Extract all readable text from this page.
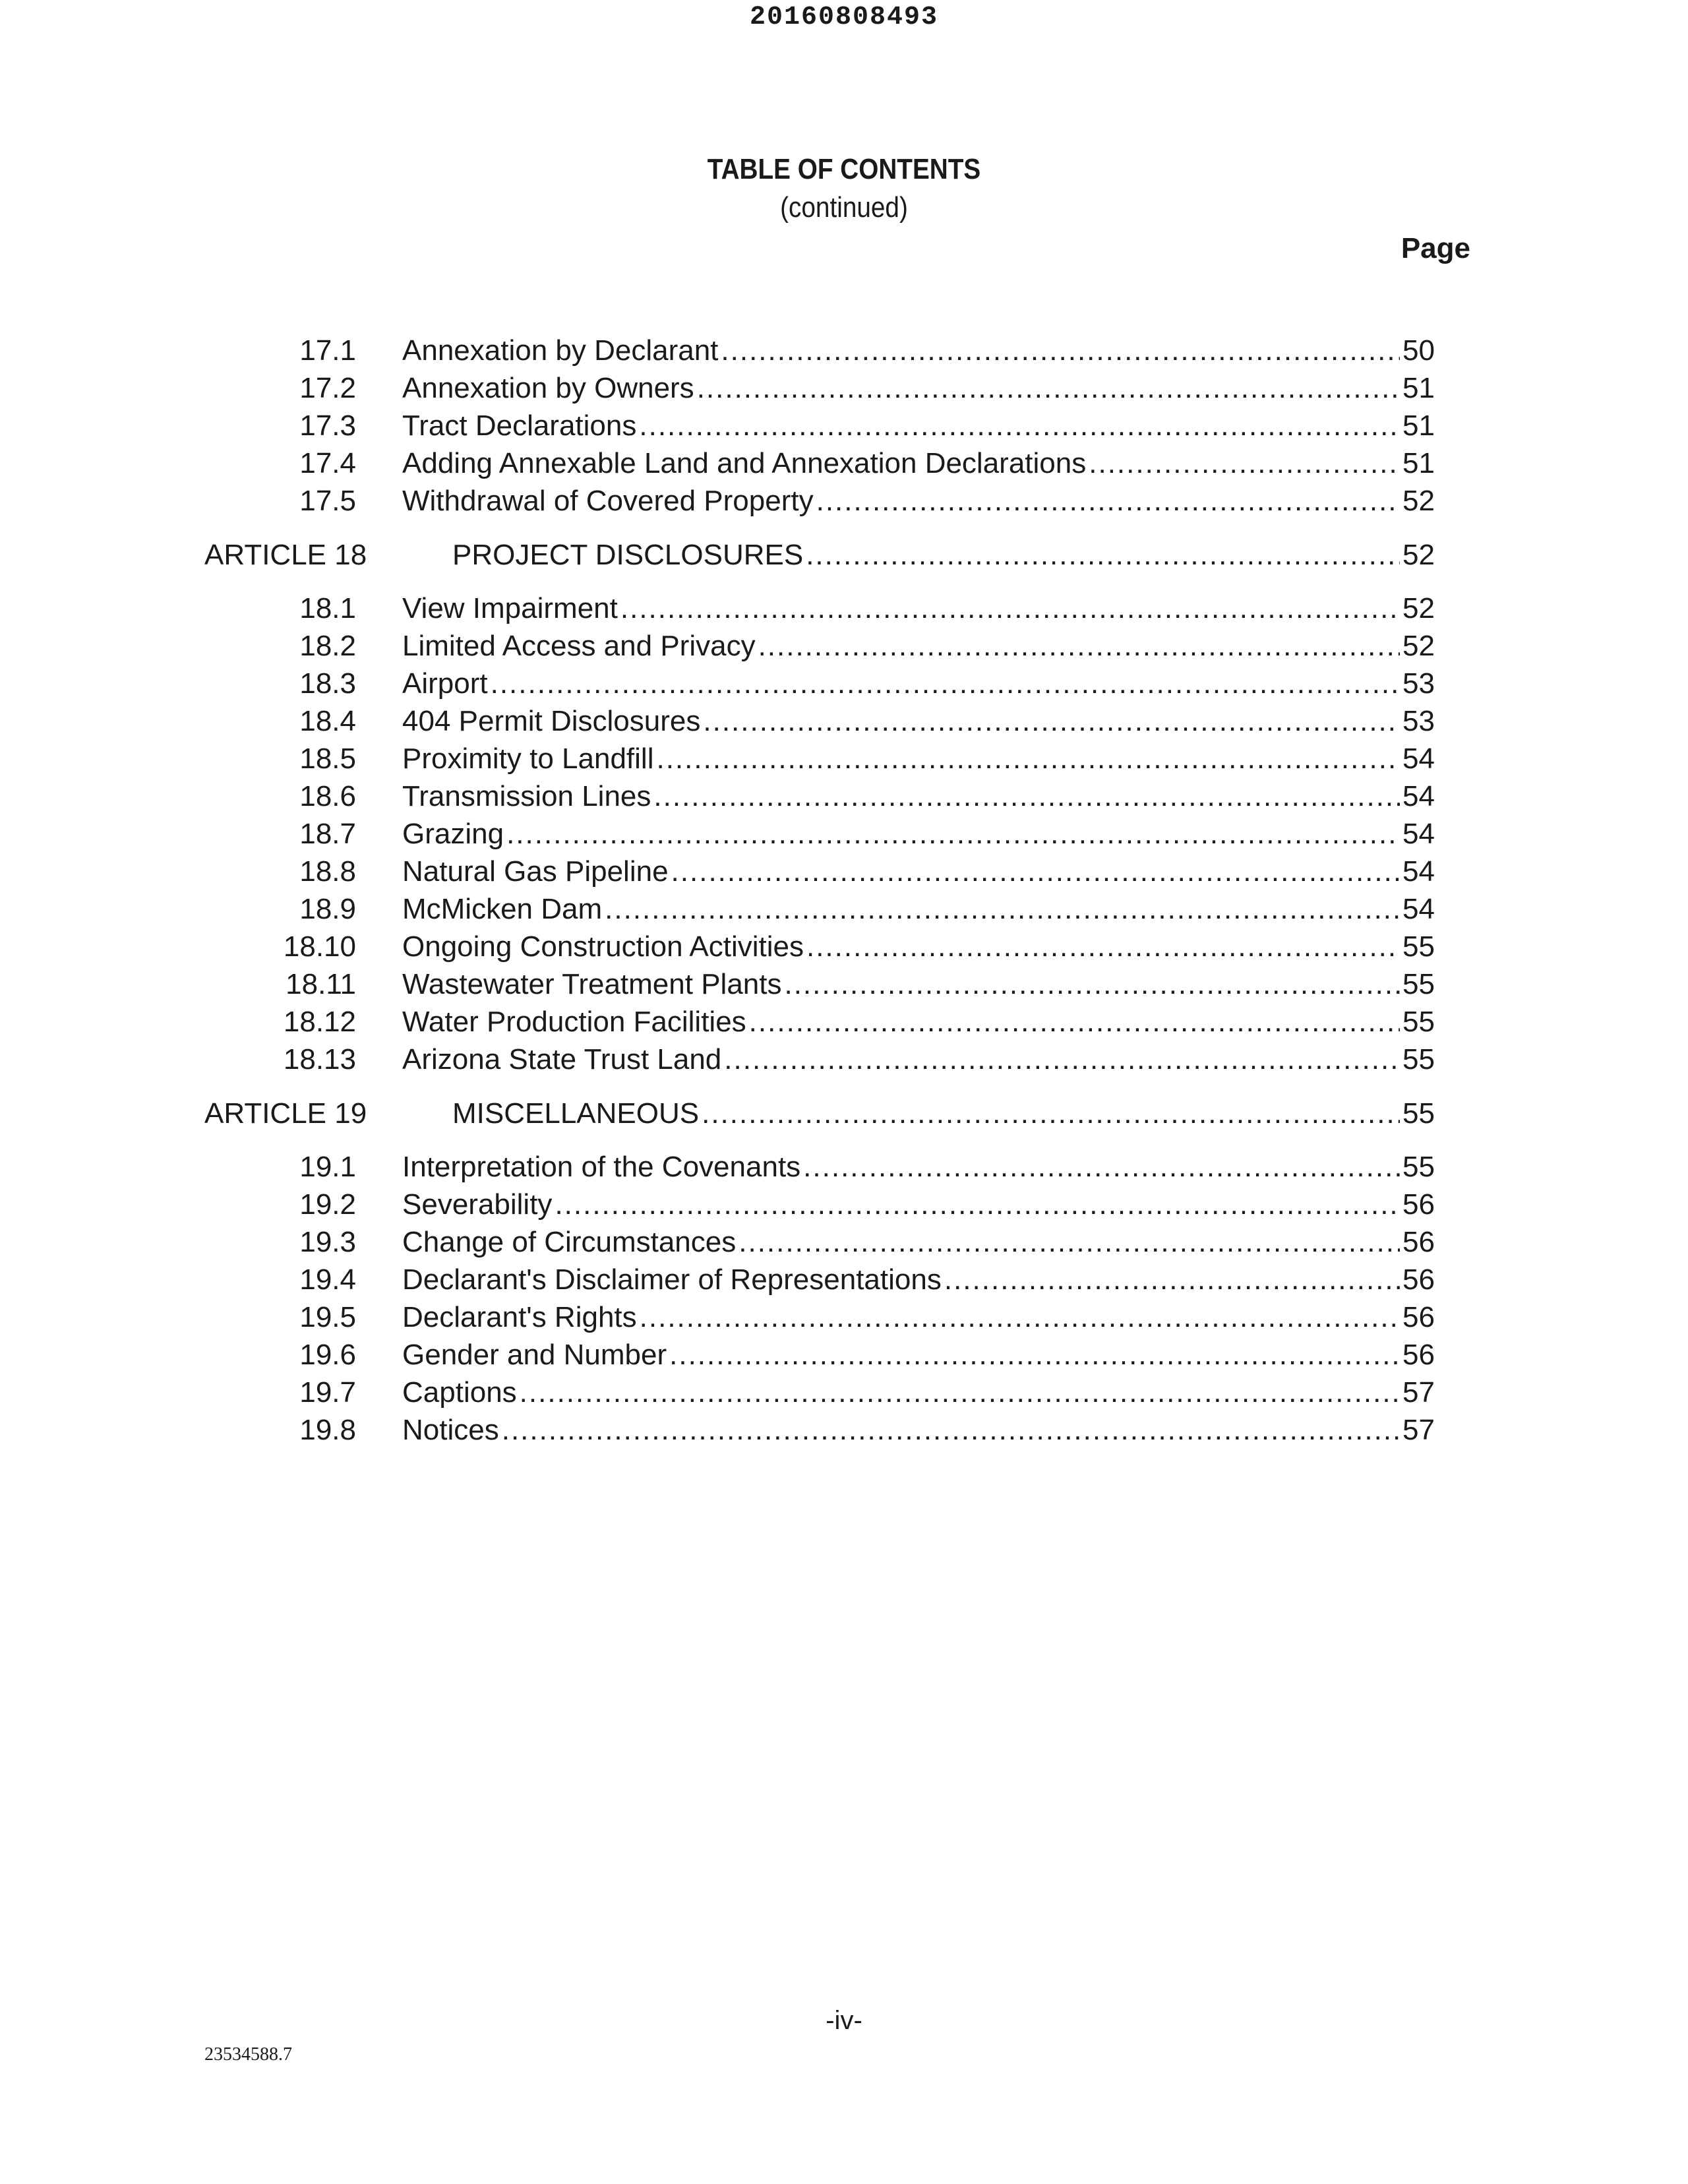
20160808493
TABLE OF CONTENTS
(continued)
Page
17.1 Annexation by Declarant .....	50
17.2 Annexation by Owners .....	51
17.3 Tract Declarations .....	51
17.4 Adding Annexable Land and Annexation Declarations .....	51
17.5 Withdrawal of Covered Property .....	52
ARTICLE 18	PROJECT DISCLOSURES .....	52
18.1 View Impairment .....	52
18.2 Limited Access and Privacy .....	52
18.3 Airport .....	53
18.4 404 Permit Disclosures .....	53
18.5 Proximity to Landfill .....	54
18.6 Transmission Lines .....	54
18.7 Grazing .....	54
18.8 Natural Gas Pipeline .....	54
18.9 McMicken Dam .....	54
18.10 Ongoing Construction Activities .....	55
18.11 Wastewater Treatment Plants .....	55
18.12 Water Production Facilities .....	55
18.13 Arizona State Trust Land .....	55
ARTICLE 19	MISCELLANEOUS .....	55
19.1 Interpretation of the Covenants .....	55
19.2 Severability .....	56
19.3 Change of Circumstances .....	56
19.4 Declarant's Disclaimer of Representations .....	56
19.5 Declarant's Rights .....	56
19.6 Gender and Number .....	56
19.7 Captions .....	57
19.8 Notices .....	57
-iv-
23534588.7
